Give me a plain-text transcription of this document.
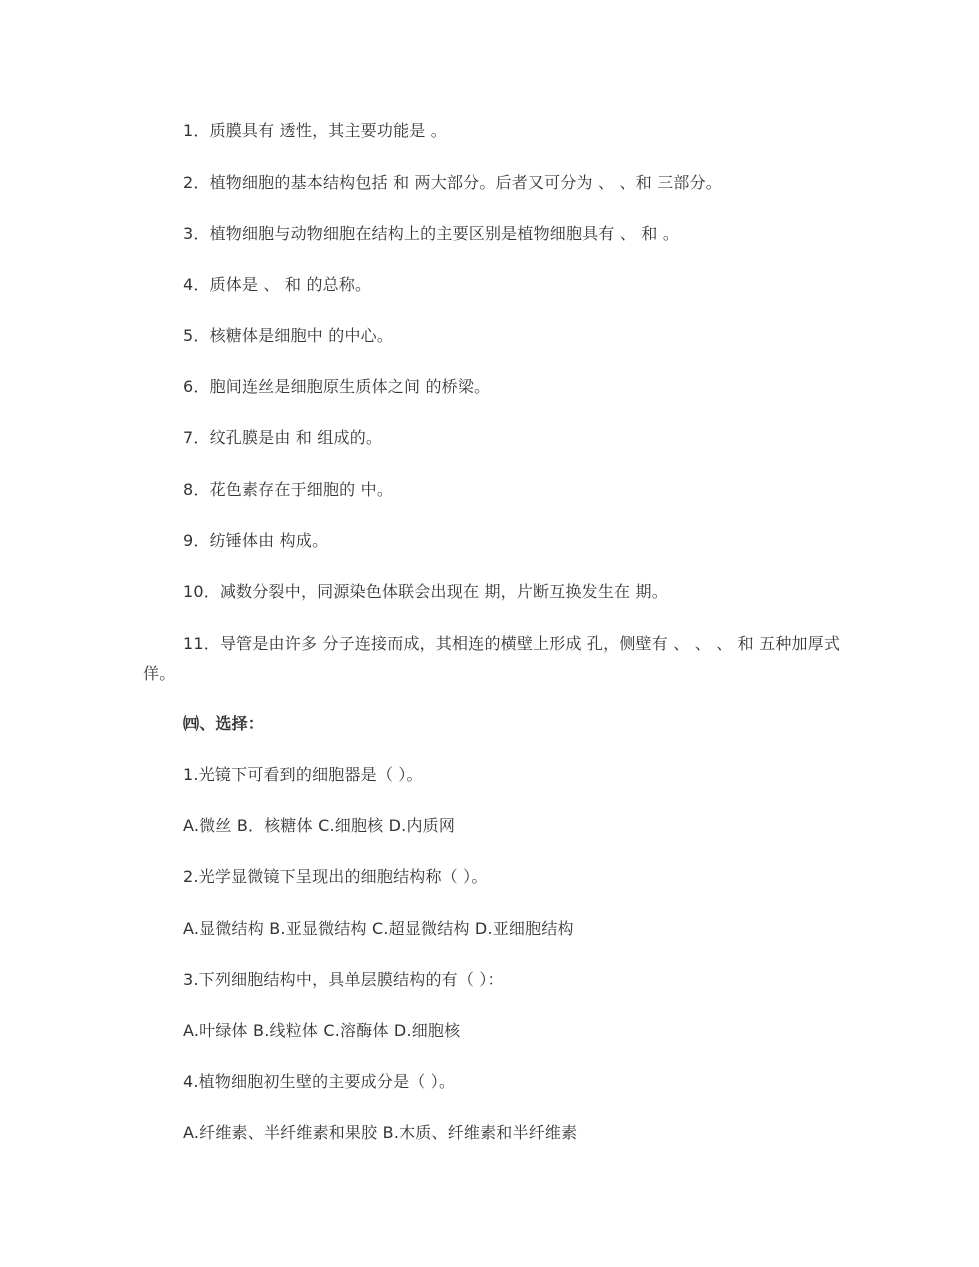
1．质膜具有 透性，其主要功能是 。
2．植物细胞的基本结构包括 和 两大部分。后者又可分为 、 、和 三部分。
3．植物细胞与动物细胞在结构上的主要区别是植物细胞具有 、 和 。
4．质体是 、 和 的总称。
5．核糖体是细胞中 的中心。
6．胞间连丝是细胞原生质体之间 的桥梁。
7．纹孔膜是由 和 组成的。
8．花色素存在于细胞的 中。
9．纺锤体由 构成。
10．减数分裂中，同源染色体联会出现在 期，片断互换发生在 期。
11．导管是由许多 分子连接而成，其相连的横壁上形成 孔，侧壁有 、 、 、 和 五种加厚式佯。
㈣、选择：
1.光镜下可看到的细胞器是（ ）。
A.微丝 B．核糖体 C.细胞核 D.内质网
2.光学显微镜下呈现出的细胞结构称（ ）。
A.显微结构 B.亚显微结构 C.超显微结构 D.亚细胞结构
3.下列细胞结构中，具单层膜结构的有（ ）：
A.叶绿体 B.线粒体 C.溶酶体 D.细胞核
4.植物细胞初生壁的主要成分是（ ）。
A.纤维素、半纤维素和果胶 B.木质、纤维素和半纤维素
